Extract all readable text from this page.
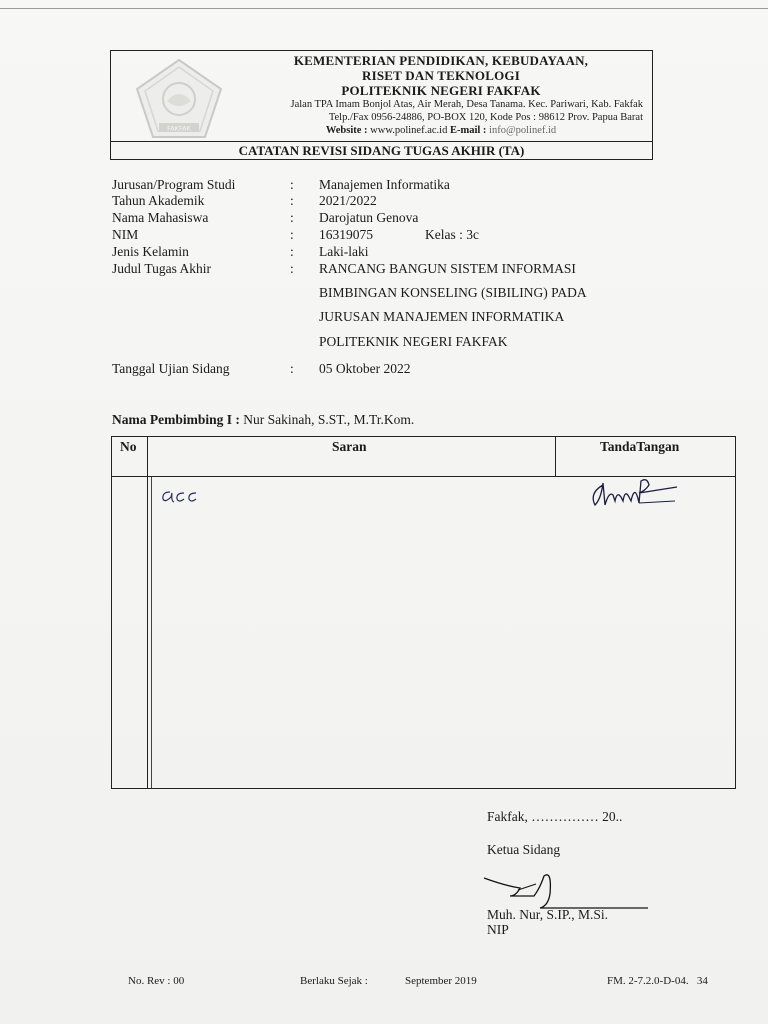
FAKFAK
KEMENTERIAN PENDIDIKAN, KEBUDAYAAN,
RISET DAN TEKNOLOGI
POLITEKNIK NEGERI FAKFAK
Jalan TPA Imam Bonjol Atas, Air Merah, Desa Tanama. Kec. Pariwari, Kab. Fakfak
Telp./Fax 0956-24886, PO-BOX 120, Kode Pos : 98612 Prov. Papua Barat
Website : www.polinef.ac.id E-mail : info@polinef.id
CATATAN REVISI SIDANG TUGAS AKHIR (TA)
Jurusan/Program Studi	: Manajemen Informatika
Tahun Akademik	: 2021/2022
Nama Mahasiswa	: Darojatun Genova
NIM	: 16319075	Kelas : 3c
Jenis Kelamin	: Laki-laki
Judul Tugas Akhir	: RANCANG BANGUN SISTEM INFORMASI
BIMBINGAN KONSELING (SIBILING) PADA
JURUSAN MANAJEMEN INFORMATIKA
POLITEKNIK NEGERI FAKFAK
Tanggal Ujian Sidang	: 05 Oktober 2022
Nama Pembimbing I : Nur Sakinah, S.ST., M.Tr.Kom.
No	Saran	TandaTangan
Fakfak, …………… 20..
Ketua Sidang
Muh. Nur, S.IP., M.Si.
NIP
No. Rev : 00	Berlaku Sejak :	September 2019	FM. 2-7.2.0-D-04. 34
